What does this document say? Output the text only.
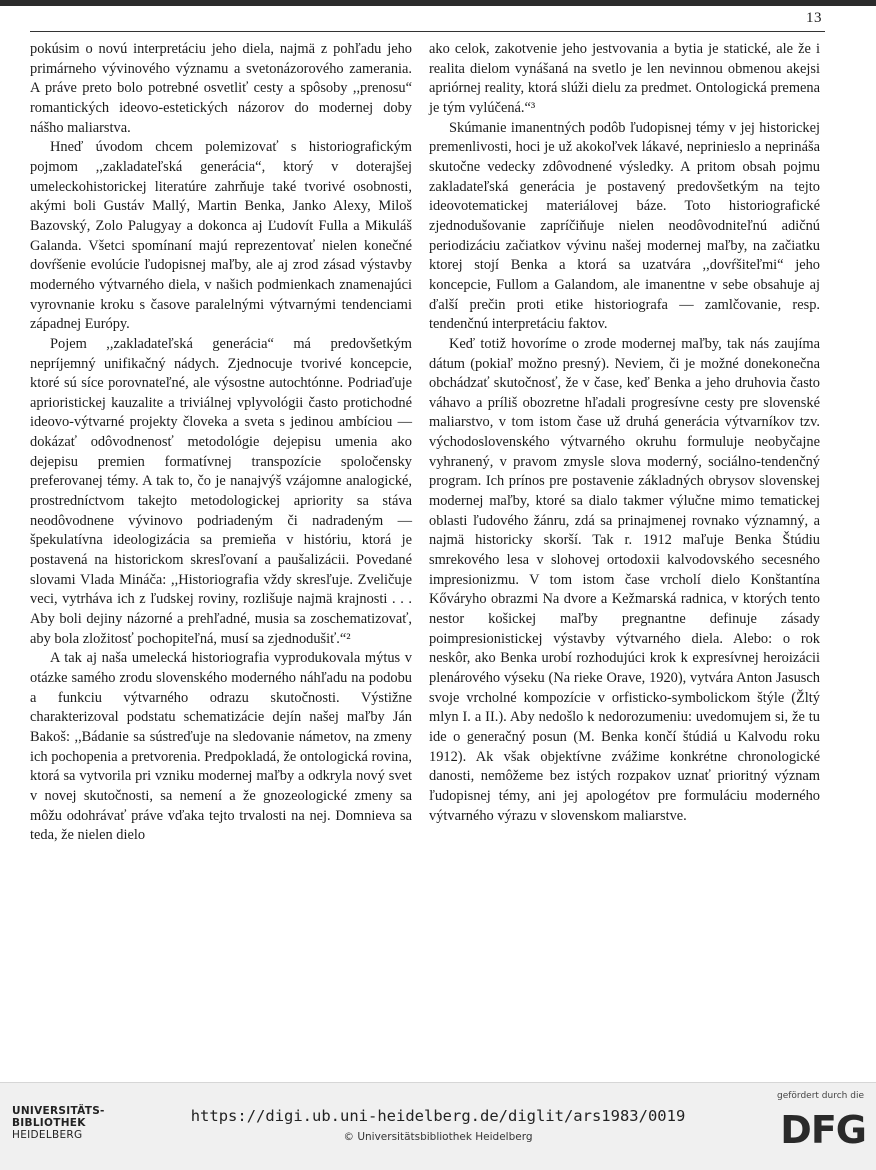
13

pokúsim o novú interpretáciu jeho diela, najmä z pohľadu jeho primárneho vývinového významu a svetonázorového zamerania. A práve preto bolo potrebné osvetliť cesty a spôsoby ,,prenosu“ romantických ideovo-estetických názorov do modernej doby nášho maliarstva.

Hneď úvodom chcem polemizovať s historiografickým pojmom ,,zakladateľská generácia“, ktorý v doterajšej umeleckohistorickej literatúre zahrňuje také tvorivé osobnosti, akými boli Gustáv Mallý, Martin Benka, Janko Alexy, Miloš Bazovský, Zolo Palugyay a dokonca aj Ľudovít Fulla a Mikuláš Galanda. Všetci spomínaní majú reprezentovať nielen konečné dovŕšenie evolúcie ľudopisnej maľby, ale aj zrod zásad výstavby moderného výtvarného diela, v našich podmienkach znamenajúci vyrovnanie kroku s časove paralelnými výtvarnými tendenciami západnej Európy.

Pojem ,,zakladateľská generácia“ má predovšetkým nepríjemný unifikačný nádych. Zjednocuje tvorivé koncepcie, ktoré sú síce porovnateľné, ale výsostne autochtónne. Podriaďuje aprioristickej kauzalite a triviálnej vplyvológii často protichodné ideovo-výtvarné projekty človeka a sveta s jedinou ambíciou — dokázať odôvodnenosť metodológie dejepisu umenia ako dejepisu premien formatívnej transpozície spoločensky preferovanej témy. A tak to, čo je nanajvýš vzájomne analogické, prostredníctvom takejto metodologickej apriority sa stáva neodôvodnene vývinovo podriadeným či nadradeným — špekulatívna ideologizácia sa premieňa v históriu, ktorá je postavená na historickom skresľovaní a paušalizácii. Povedané slovami Vlada Mináča: ,,Historiografia vždy skresľuje. Zveličuje veci, vytrháva ich z ľudskej roviny, rozlišuje najmä krajnosti . . . Aby boli dejiny názorné a prehľadné, musia sa zoschematizovať, aby bola zložitosť pochopiteľná, musí sa zjednodušiť.“²

A tak aj naša umelecká historiografia vyprodukovala mýtus v otázke samého zrodu slovenského moderného náhľadu na podobu a funkciu výtvarného odrazu skutočnosti. Výstižne charakterizoval podstatu schematizácie dejín našej maľby Ján Bakoš: ,,Bádanie sa sústreďuje na sledovanie námetov, na zmeny ich pochopenia a pretvorenia. Predpokladá, že ontologická rovina, ktorá sa vytvorila pri vzniku modernej maľby a odkryla nový svet v novej skutočnosti, sa nemení a že gnozeologické zmeny sa môžu odohrávať práve vďaka tejto trvalosti na nej. Domnieva sa teda, že nielen dielo

ako celok, zakotvenie jeho jestvovania a bytia je statické, ale že i realita dielom vynášaná na svetlo je len nevinnou obmenou akejsi apriórnej reality, ktorá slúži dielu za predmet. Ontologická premena je tým vylúčená.“³

Skúmanie imanentných podôb ľudopisnej témy v jej historickej premenlivosti, hoci je už akokoľvek lákavé, neprinieslo a neprináša skutočne vedecky zdôvodnené výsledky. A pritom obsah pojmu zakladateľská generácia je postavený predovšetkým na tejto ideovotematickej materiálovej báze. Toto historiografické zjednodušovanie zapríčiňuje nielen neodôvodniteľnú adičnú periodizáciu začiatkov vývinu našej modernej maľby, na začiatku ktorej stojí Benka a ktorá sa uzatvára ,,dovŕšiteľmi“ jeho koncepcie, Fullom a Galandom, ale imanentne v sebe obsahuje aj ďalší prečin proti etike historiografa — zamlčovanie, resp. tendenčnú interpretáciu faktov.

Keď totiž hovoríme o zrode modernej maľby, tak nás zaujíma dátum (pokiaľ možno presný). Neviem, či je možné donekonečna obchádzať skutočnosť, že v čase, keď Benka a jeho druhovia často váhavo a príliš obozretne hľadali progresívne cesty pre slovenské maliarstvo, v tom istom čase už druhá generácia výtvarníkov tzv. východoslovenského výtvarného okruhu formuluje neobyčajne vyhranený, v pravom zmysle slova moderný, sociálno-tendenčný program. Ich prínos pre postavenie základných obrysov slovenskej modernej maľby, ktoré sa dialo takmer výlučne mimo tematickej oblasti ľudového žánru, zdá sa prinajmenej rovnako významný, a najmä historicky skorší. Tak r. 1912 maľuje Benka Štúdiu smrekového lesa v slohovej ortodoxii kalvodovského secesného impresionizmu. V tom istom čase vrcholí dielo Konštantína Kőváryho obrazmi Na dvore a Kežmarská radnica, v ktorých tento nestor košickej maľby pregnantne definuje zásady poimpresionistickej výstavby výtvarného diela. Alebo: o rok neskôr, ako Benka urobí rozhodujúci krok k expresívnej heroizácii plenárového výseku (Na rieke Orave, 1920), vytvára Anton Jasusch svoje vrcholné kompozície v orfisticko-symbolickom štýle (Žltý mlyn I. a II.). Aby nedošlo k nedorozumeniu: uvedomujem si, že tu ide o generačný posun (M. Benka končí štúdiá u Kalvodu roku 1912). Ak však objektívne zvážime konkrétne chronologické danosti, nemôžeme bez istých rozpakov uznať prioritný význam ľudopisnej témy, ani jej apologétov pre formuláciu moderného výtvarného výrazu v slovenskom maliarstve.

UNIVERSITÄTS-
BIBLIOTHEK
HEIDELBERG
https://digi.ub.uni-heidelberg.de/diglit/ars1983/0019
© Universitätsbibliothek Heidelberg
gefördert durch die
DFG
